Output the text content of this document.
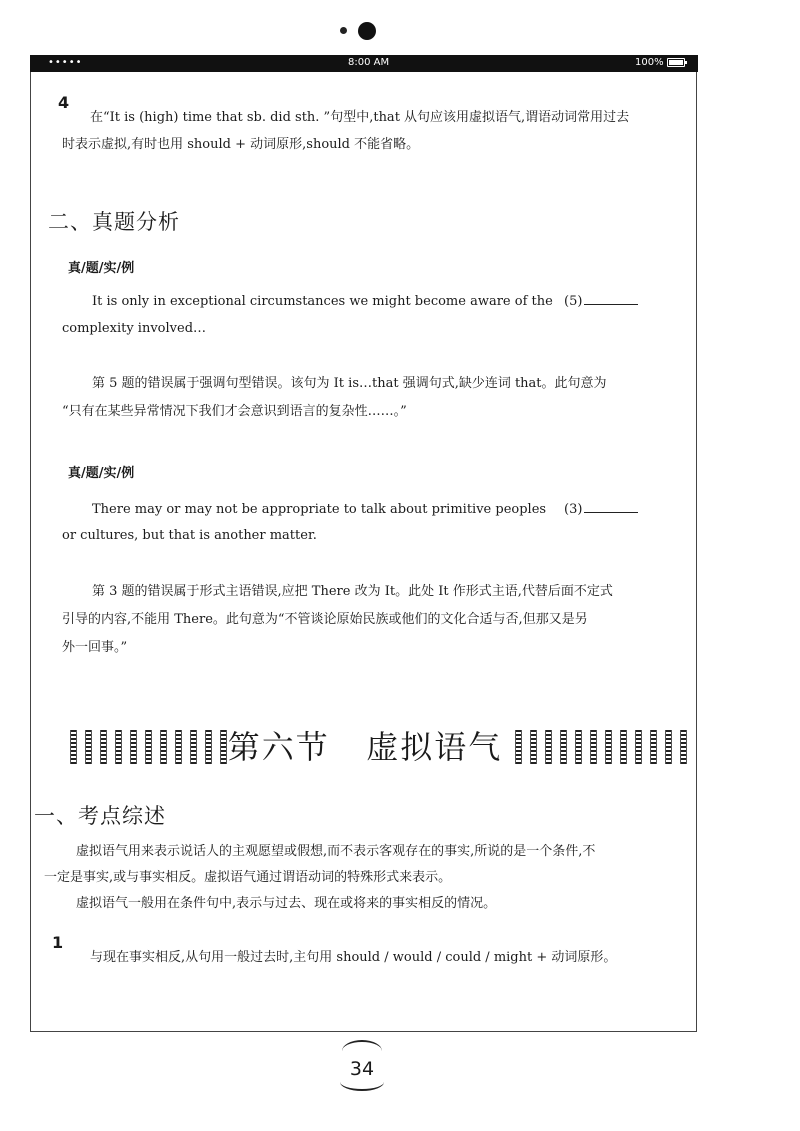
•••••	8:00 AM	100%
4
在“It is (high) time that sb. did sth. ”句型中,that 从句应该用虚拟语气,谓语动词常用过去
时表示虚拟,有时也用 should + 动词原形,should 不能省略。
二、真题分析
真/题/实/例
It is only in exceptional circumstances we might become aware of the (5)
complexity involved…
第 5 题的错误属于强调句型错误。该句为 It is…that 强调句式,缺少连词 that。此句意为
“只有在某些异常情况下我们才会意识到语言的复杂性……。”
真/题/实/例
There may or may not be appropriate to talk about primitive peoples (3)
or cultures, but that is another matter.
第 3 题的错误属于形式主语错误,应把 There 改为 It。此处 It 作形式主语,代替后面不定式
引导的内容,不能用 There。此句意为“不管谈论原始民族或他们的文化合适与否,但那又是另
外一回事。”
第六节   虚拟语气
一、考点综述
虚拟语气用来表示说话人的主观愿望或假想,而不表示客观存在的事实,所说的是一个条件,不
一定是事实,或与事实相反。虚拟语气通过谓语动词的特殊形式来表示。
虚拟语气一般用在条件句中,表示与过去、现在或将来的事实相反的情况。
1
与现在事实相反,从句用一般过去时,主句用 should / would / could / might + 动词原形。
34
